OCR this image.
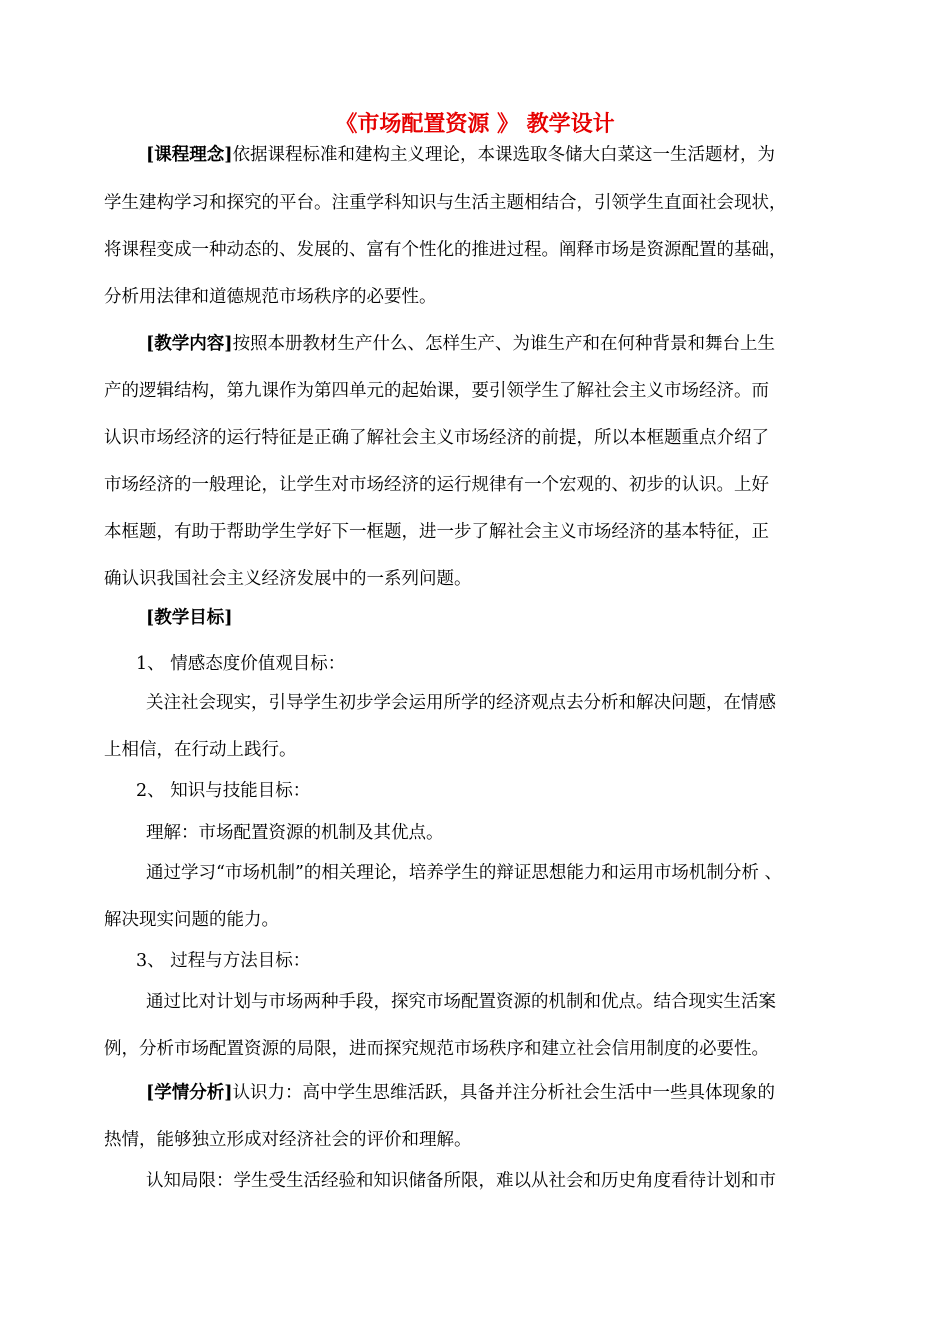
《市场配置资源 》 教学设计
[课程理念]依据课程标准和建构主义理论，本课选取冬储大白菜这一生活题材，为
学生建构学习和探究的平台。注重学科知识与生活主题相结合，引领学生直面社会现状，
将课程变成一种动态的、发展的、富有个性化的推进过程。阐释市场是资源配置的基础，
分析用法律和道德规范市场秩序的必要性。
[教学内容]按照本册教材生产什么、怎样生产、为谁生产和在何种背景和舞台上生
产的逻辑结构，第九课作为第四单元的起始课，要引领学生了解社会主义市场经济。而
认识市场经济的运行特征是正确了解社会主义市场经济的前提，所以本框题重点介绍了
市场经济的一般理论，让学生对市场经济的运行规律有一个宏观的、初步的认识。上好
本框题，有助于帮助学生学好下一框题，进一步了解社会主义市场经济的基本特征，正
确认识我国社会主义经济发展中的一系列问题。
[教学目标]
1、 情感态度价值观目标：
关注社会现实，引导学生初步学会运用所学的经济观点去分析和解决问题，在情感
上相信，在行动上践行。
2、 知识与技能目标：
理解：市场配置资源的机制及其优点。
通过学习“市场机制”的相关理论，培养学生的辩证思想能力和运用市场机制分析 、
解决现实问题的能力。
3、 过程与方法目标：
通过比对计划与市场两种手段，探究市场配置资源的机制和优点。结合现实生活案
例，分析市场配置资源的局限，进而探究规范市场秩序和建立社会信用制度的必要性。
[学情分析]认识力：高中学生思维活跃，具备并注分析社会生活中一些具体现象的
热情，能够独立形成对经济社会的评价和理解。
认知局限：学生受生活经验和知识储备所限，难以从社会和历史角度看待计划和市
